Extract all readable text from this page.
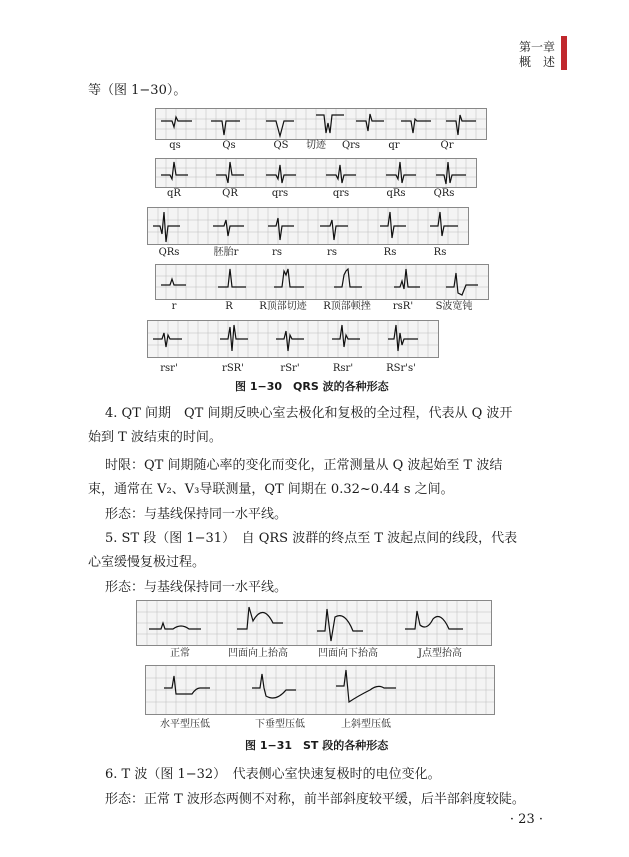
第一章
概　述
等（图 1−30）。
qs	Qs	QS 切迹 Qrs	qr	Qr
qR	QR	qrs	qrs	qRs	QRs
QRs	胚胎r	rs	rs	Rs	Rs
r	R	R顶部切迹 R顶部顿挫 rsR' S波宽钝
rsr'	rSR'	rSr'	Rsr'	RSr's'
图 1−30　QRS 波的各种形态
4. QT 间期　QT 间期反映心室去极化和复极的全过程，代表从 Q 波开
始到 T 波结束的时间。
时限：QT 间期随心率的变化而变化，正常测量从 Q 波起始至 T 波结
束，通常在 V₂、V₃导联测量，QT 间期在 0.32~0.44 s 之间。
形态：与基线保持同一水平线。
5. ST 段（图 1−31）　自 QRS 波群的终点至 T 波起点间的线段，代表
心室缓慢复极过程。
形态：与基线保持同一水平线。
正常	凹面向上抬高	凹面向下抬高	J点型抬高
水平型压低	下垂型压低	上斜型压低
图 1−31　ST 段的各种形态
6. T 波（图 1−32）　代表侧心室快速复极时的电位变化。
形态：正常 T 波形态两侧不对称，前半部斜度较平缓，后半部斜度较陡。
· 23 ·
